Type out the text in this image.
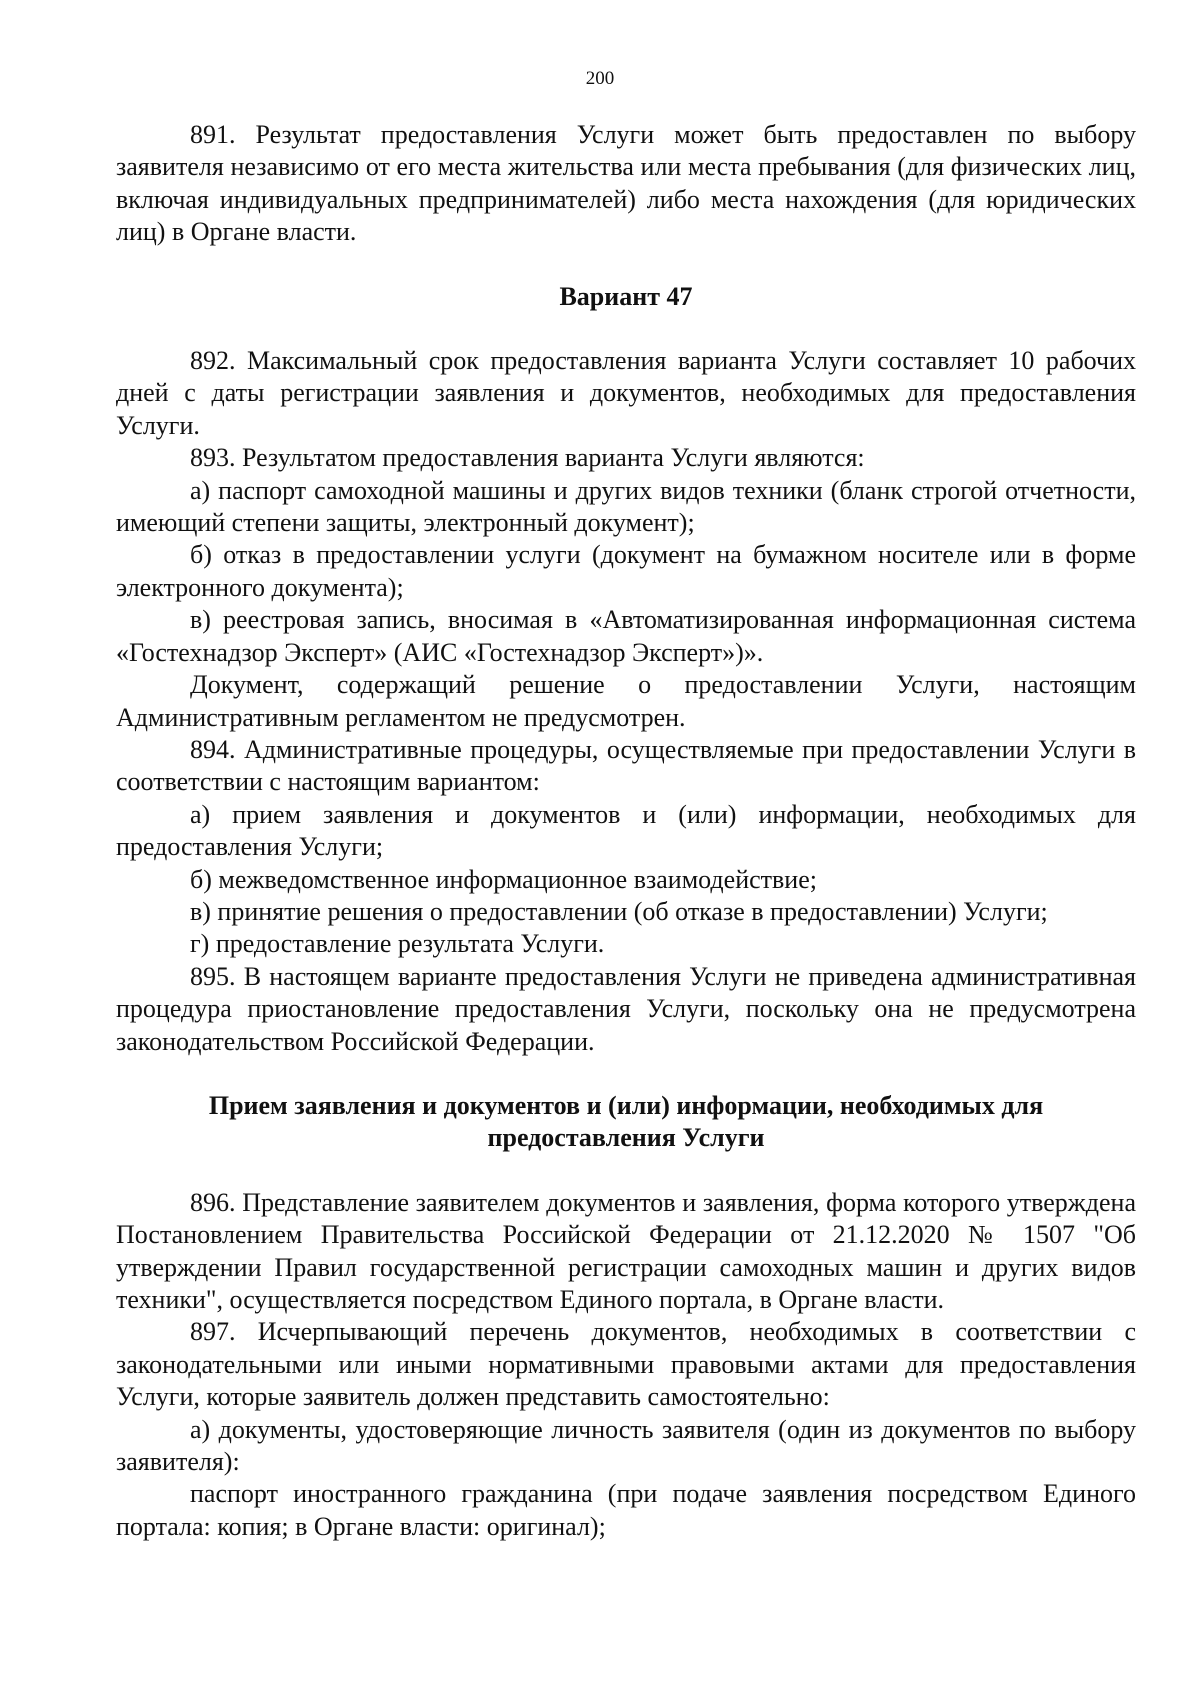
200

891. Результат предоставления Услуги может быть предоставлен по выбору заявителя независимо от его места жительства или места пребывания (для физических лиц, включая индивидуальных предпринимателей) либо места нахождения (для юридических лиц) в Органе власти.

Вариант 47

892. Максимальный срок предоставления варианта Услуги составляет 10 рабочих дней с даты регистрации заявления и документов, необходимых для предоставления Услуги.

893. Результатом предоставления варианта Услуги являются:

а) паспорт самоходной машины и других видов техники (бланк строгой отчетности, имеющий степени защиты, электронный документ);

б) отказ в предоставлении услуги (документ на бумажном носителе или в форме электронного документа);

в) реестровая запись, вносимая в «Автоматизированная информационная система «Гостехнадзор Эксперт» (АИС «Гостехнадзор Эксперт»)».

Документ, содержащий решение о предоставлении Услуги, настоящим Административным регламентом не предусмотрен.

894. Административные процедуры, осуществляемые при предоставлении Услуги в соответствии с настоящим вариантом:

а) прием заявления и документов и (или) информации, необходимых для предоставления Услуги;

б) межведомственное информационное взаимодействие;

в) принятие решения о предоставлении (об отказе в предоставлении) Услуги;

г) предоставление результата Услуги.

895. В настоящем варианте предоставления Услуги не приведена административная процедура приостановление предоставления Услуги, поскольку она не предусмотрена законодательством Российской Федерации.

Прием заявления и документов и (или) информации, необходимых для предоставления Услуги

896. Представление заявителем документов и заявления, форма которого утверждена Постановлением Правительства Российской Федерации от 21.12.2020 № 1507 "Об утверждении Правил государственной регистрации самоходных машин и других видов техники", осуществляется посредством Единого портала, в Органе власти.

897. Исчерпывающий перечень документов, необходимых в соответствии с законодательными или иными нормативными правовыми актами для предоставления Услуги, которые заявитель должен представить самостоятельно:

а) документы, удостоверяющие личность заявителя (один из документов по выбору заявителя):

паспорт иностранного гражданина (при подаче заявления посредством Единого портала: копия; в Органе власти: оригинал);
